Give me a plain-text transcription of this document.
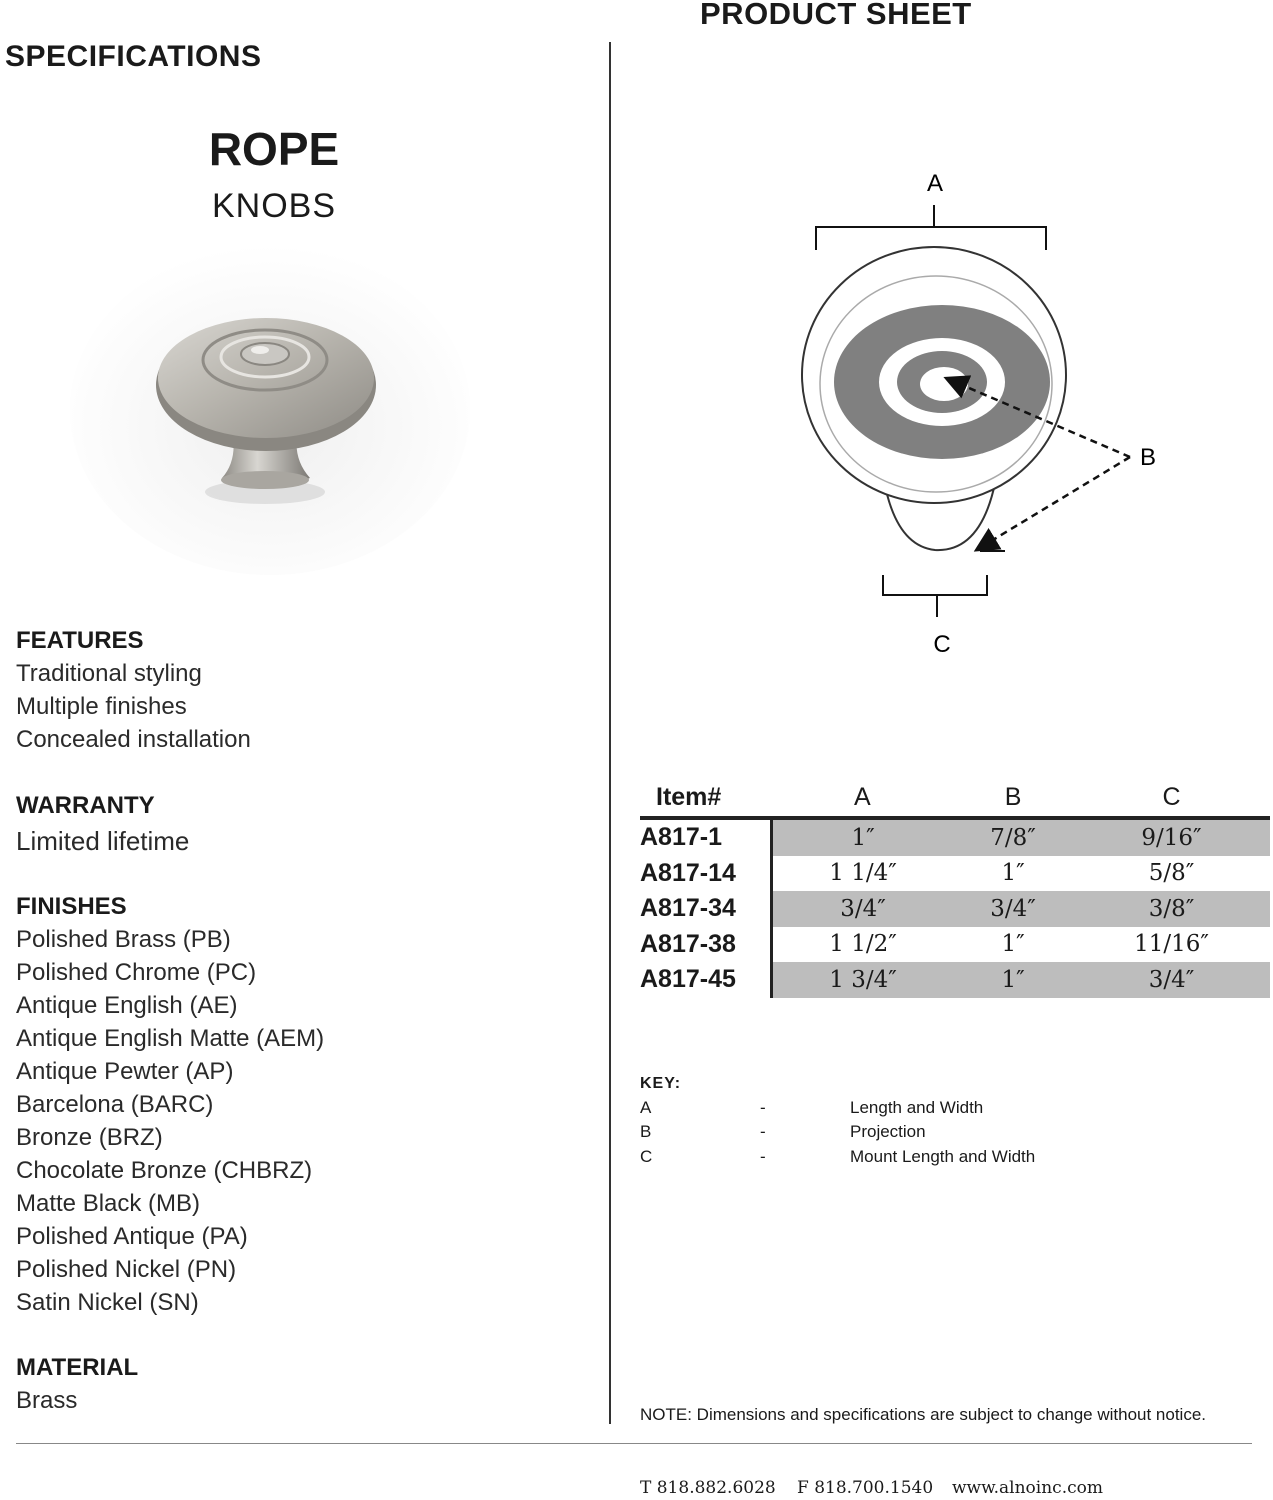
PRODUCT SHEET
SPECIFICATIONS
ROPE
KNOBS
FEATURES
Traditional styling
Multiple finishes
Concealed installation
WARRANTY
Limited lifetime
FINISHES
Polished Brass (PB)
Polished Chrome (PC)
Antique English (AE)
Antique English Matte (AEM)
Antique Pewter (AP)
Barcelona (BARC)
Bronze (BRZ)
Chocolate Bronze (CHBRZ)
Matte Black (MB)
Polished Antique (PA)
Polished Nickel (PN)
Satin Nickel (SN)
MATERIAL
Brass
A
B
C
Item#	A	B	C
A817-1	1″	7/8″	9/16″
A817-14	1 1/4″	1″	5/8″
A817-34	3/4″	3/4″	3/8″
A817-38	1 1/2″	1″	11/16″
A817-45	1 3/4″	1″	3/4″
KEY:
A	-	Length and Width
B	-	Projection
C	-	Mount Length and Width
NOTE: Dimensions and specifications are subject to change without notice.
T 818.882.6028 F 818.700.1540 www.alnoinc.com
